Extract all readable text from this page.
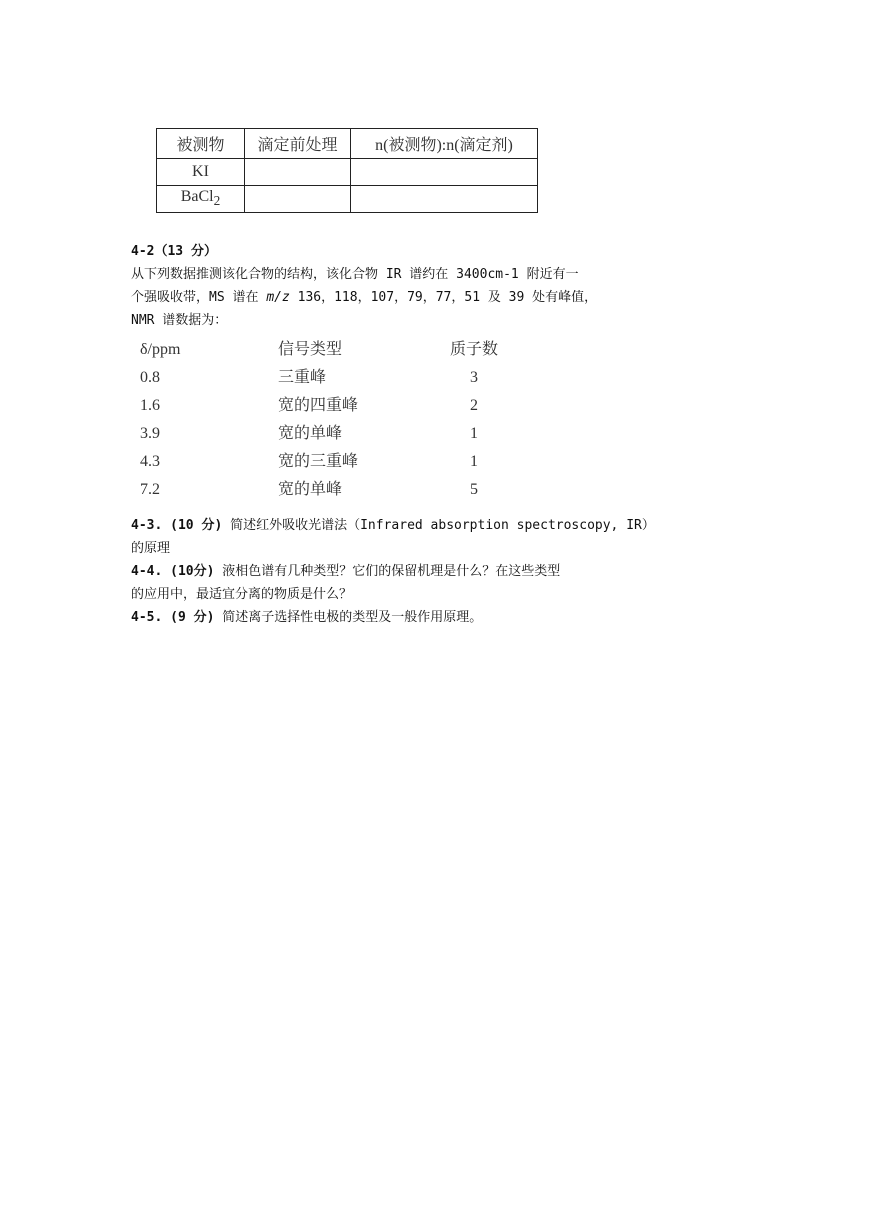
被测物	滴定前处理	n(被测物):n(滴定剂)
KI		
BaCl$_2$		
4-2（13 分）
从下列数据推测该化合物的结构，该化合物 IR 谱约在 3400cm-1 附近有一
个强吸收带，MS 谱在 m/z 136，118，107，79，77，51 及 39 处有峰值，
NMR 谱数据为：
δ/ppm	信号类型	质子数
0.8	三重峰	3
1.6	宽的四重峰	2
3.9	宽的单峰	1
4.3	宽的三重峰	1
7.2	宽的单峰	5
4-3. (10 分) 简述红外吸收光谱法（Infrared absorption spectroscopy, IR）
的原理
4-4. (10分) 液相色谱有几种类型？它们的保留机理是什么？在这些类型
的应用中，最适宜分离的物质是什么？
4-5. (9 分) 简述离子选择性电极的类型及一般作用原理。
